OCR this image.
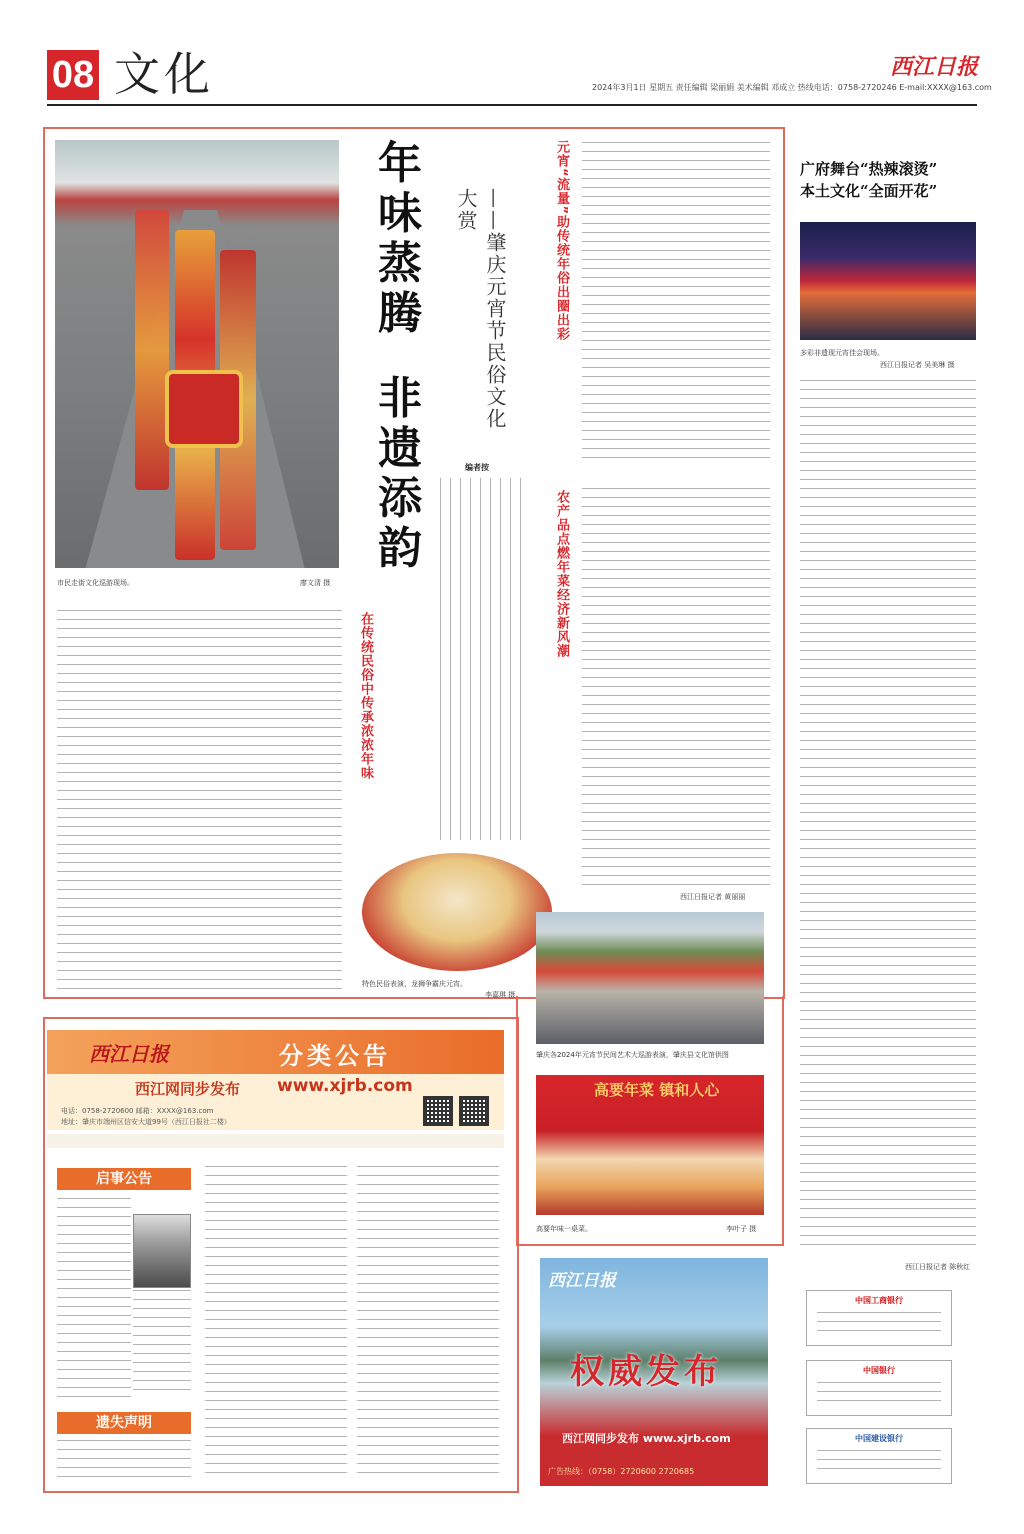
08 文化	西江日报
2024年3月1日 星期五 责任编辑 梁丽娟 美术编辑 邓成立 热线电话：0758-2720246 E-mail:XXXX@163.com
市民走街文化巡游现场。	廖文清 摄
年
味
蒸
腾
非
遗
添
韵
——肇庆元宵节民俗文化大赏
编者按
元宵“流量”助传统年俗出圈出彩
农产品点燃年菜经济新风潮
在传统民俗中传承浓浓年味
西江日报记者 黄丽丽
特色民俗表演，龙狮争霸庆元宵。
李嘉琪 摄
肇庆各2024年元宵节民间艺术大巡游表演，肇庆县文化馆供图
高要年菜 镇和人心
高要年味一桌菜。	李叶子 摄
广府舞台“热辣滚烫”
本土文化“全面开花”
多彩非遗现元宵佳会现场。
西江日报记者 吴美琳 摄
西江日报记者 陈秋红
西江日报	分类公告
西江网同步发布 www.xjrb.com
电话：0758-2720600 邮箱：XXXX@163.com
地址：肇庆市端州区信安大道99号（西江日报社二楼）
启事公告
遗失声明
西江日报
权威发布
西江网同步发布 www.xjrb.com
广告热线：（0758）2720600 2720685
中国工商银行
中国银行
中国建设银行
